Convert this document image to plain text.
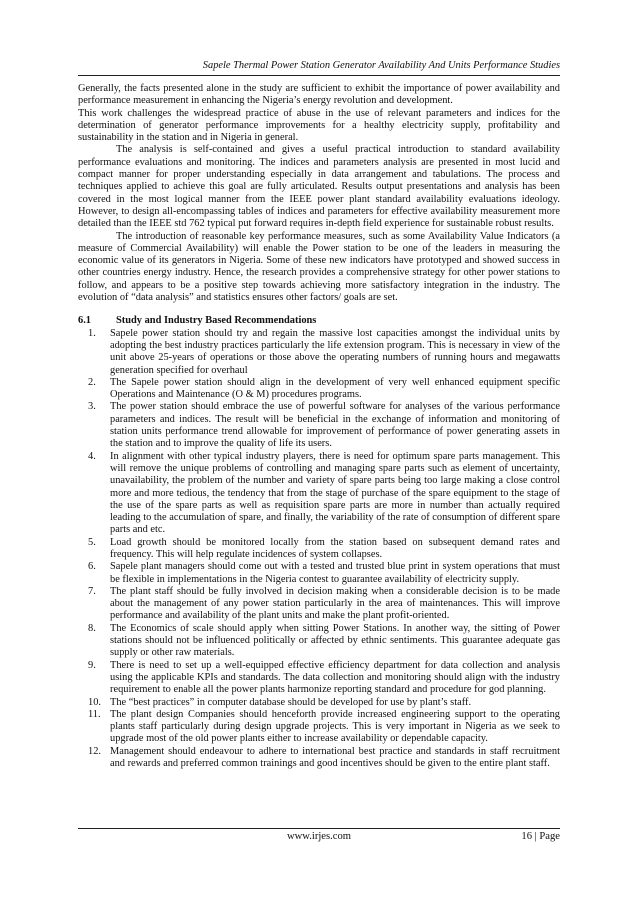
Sapele Thermal Power Station Generator Availability And Units Performance Studies

Generally, the facts presented alone in the study are sufficient to exhibit the importance of power availability and performance measurement in enhancing the Nigeria’s energy revolution and development.

This work challenges the widespread practice of abuse in the use of relevant parameters and indices for the determination of generator performance improvements for a healthy electricity supply, profitability and sustainability in the station and in Nigeria in general.

The analysis is self-contained and gives a useful practical introduction to standard availability performance evaluations and monitoring. The indices and parameters analysis are presented in most lucid and compact manner for proper understanding especially in data arrangement and tabulations. The process and techniques applied to achieve this goal are fully articulated. Results output presentations and analysis has been covered in the most logical manner from the IEEE power plant standard availability evaluations ideology. However, to design all-encompassing tables of indices and parameters for effective availability measurement more detailed than the IEEE std 762 typical put forward requires in-depth field experience for sustainable robust results.

The introduction of reasonable key performance measures, such as some Availability Value Indicators (a measure of Commercial Availability) will enable the Power station to be one of the leaders in measuring the economic value of its generators in Nigeria. Some of these new indicators have prototyped and showed success in other countries energy industry. Hence, the research provides a comprehensive strategy for other power stations to follow, and appears to be a positive step towards achieving more satisfactory integration in the industry. The evolution of “data analysis” and statistics ensures other factors/ goals are set.

6.1 Study and Industry Based Recommendations
1.	Sapele power station should try and regain the massive lost capacities amongst the individual units by adopting the best industry practices particularly the life extension program. This is necessary in view of the unit above 25-years of operations or those above the operating numbers of running hours and megawatts generation specified for overhaul
2.	The Sapele power station should align in the development of very well enhanced equipment specific Operations and Maintenance (O & M) procedures programs.
3.	The power station should embrace the use of powerful software for analyses of the various performance parameters and indices. The result will be beneficial in the exchange of information and monitoring of station units performance trend allowable for improvement of performance of power generating assets in the station and to improve the quality of life its users.
4.	In alignment with other typical industry players, there is need for optimum spare parts management. This will remove the unique problems of controlling and managing spare parts such as element of uncertainty, unavailability, the problem of the number and variety of spare parts being too large making a close control more and more tedious, the tendency that from the stage of purchase of the spare equipment to the stage of the use of the spare parts as well as requisition spare parts are more in number than actually required leading to the accumulation of spare, and finally, the variability of the rate of consumption of different spare parts and etc.
5.	Load growth should be monitored locally from the station based on subsequent demand rates and frequency. This will help regulate incidences of system collapses.
6.	Sapele plant managers should come out with a tested and trusted blue print in system operations that must be flexible in implementations in the Nigeria contest to guarantee availability of electricity supply.
7.	The plant staff should be fully involved in decision making when a considerable decision is to be made about the management of any power station particularly in the area of maintenances. This will improve performance and availability of the plant units and make the plant profit-oriented.
8.	The Economics of scale should apply when sitting Power Stations. In another way, the sitting of Power stations should not be influenced politically or affected by ethnic sentiments. This guarantee adequate gas supply or other raw materials.
9.	There is need to set up a well-equipped effective efficiency department for data collection and analysis using the applicable KPIs and standards. The data collection and monitoring should align with the industry requirement to enable all the power plants harmonize reporting standard and procedure for god planning.
10. The “best practices” in computer database should be developed for use by plant’s staff.
11. The plant design Companies should henceforth provide increased engineering support to the operating plants staff particularly during design upgrade projects. This is very important in Nigeria as we seek to upgrade most of the old power plants either to increase availability or dependable capacity.
12. Management should endeavour to adhere to international best practice and standards in staff recruitment and rewards and preferred common trainings and good incentives should be given to the entire plant staff.
www.irjes.com	16 | Page
